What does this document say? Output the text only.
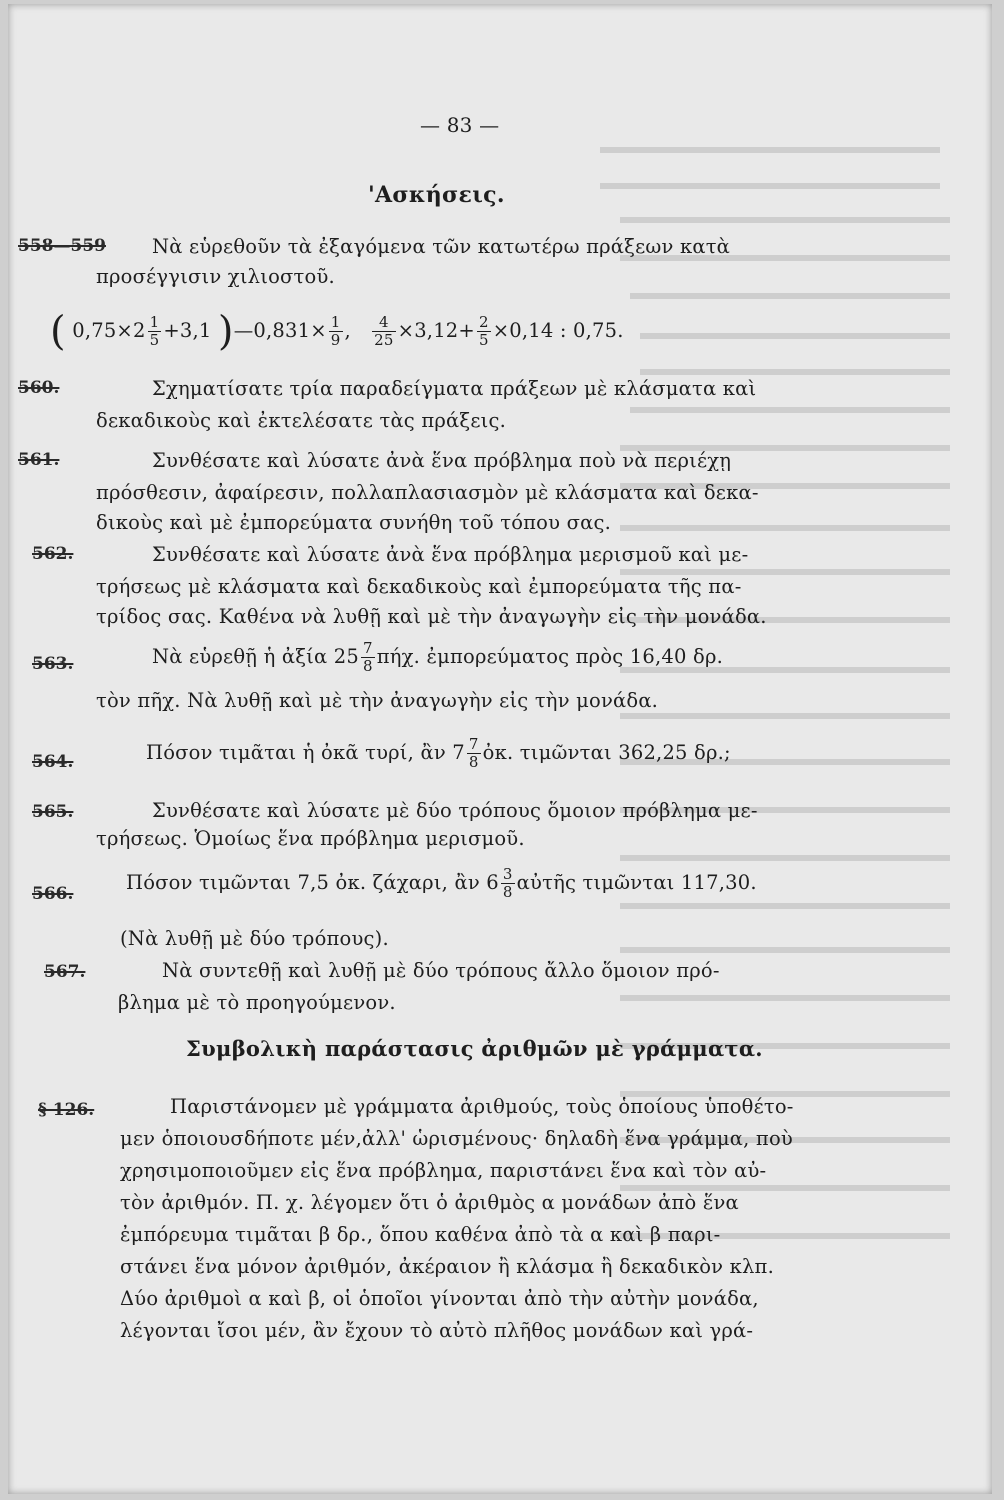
— 83 —
'Ασκήσεις.
558—559 Νὰ εὑρεθοῦν τὰ ἐξαγόμενα τῶν κατωτέρω πράξεων κατὰ
προσέγγισιν χιλιοστοῦ.
( $0,75\times 2 \frac{1}{5} +3,1$ )—0,831× $\frac{1}{9}$ , $\frac{4}{25} \times 3,12+ \frac{2}{5} \times 0,14$ : 0,75.
560.	Σχηματίσατε τρία παραδείγματα πράξεων μὲ κλάσματα καὶ
δεκαδικοὺς καὶ ἐκτελέσατε τὰς πράξεις.
561.	Συνθέσατε καὶ λύσατε ἀνὰ ἕνα πρόβλημα ποὺ νὰ περιέχῃ
πρόσθεσιν, ἀφαίρεσιν, πολλαπλασιασμὸν μὲ κλάσματα καὶ δεκα-
δικοὺς καὶ μὲ ἐμπορεύματα συνήθη τοῦ τόπου σας.
562.	Συνθέσατε καὶ λύσατε ἀνὰ ἕνα πρόβλημα μερισμοῦ καὶ με-
τρήσεως μὲ κλάσματα καὶ δεκαδικοὺς καὶ ἐμπορεύματα τῆς πα-
τρίδος σας. Καθένα νὰ λυθῇ καὶ μὲ τὴν ἀναγωγὴν εἰς τὴν μονάδα.
563.	Νὰ εὑρεθῇ ἡ ἀξία $25 \frac{7}{8} \pi ή\chi$. ἐμπορεύματος πρὸς 16,40 δρ.
τὸν πῆχ. Νὰ λυθῇ καὶ μὲ τὴν ἀναγωγὴν εἰς τὴν μονάδα.
564.	Πόσον τιμᾶται ἡ ὀκᾶ τυρί, ἂν $7 \frac{7}{8}$ ὀκ. τιμῶνται 362,25 δρ.;
565.	Συνθέσατε καὶ λύσατε μὲ δύο τρόπους ὅμοιον πρόβλημα με-
τρήσεως. Ὁμοίως ἕνα πρόβλημα μερισμοῦ.
566.	Πόσον τιμῶνται 7,5 ὀκ. ζάχαρι, ἂν $6 \frac{3}{8}$ αὐτῆς τιμῶνται 117,30.
(Νὰ λυθῇ μὲ δύο τρόπους).
567.	Νὰ συντεθῇ καὶ λυθῇ μὲ δύο τρόπους ἄλλο ὅμοιον πρό-
βλημα μὲ τὸ προηγούμενον.
Συμβολικὴ παράστασις ἀριθμῶν μὲ γράμματα.
§ 126.	Παριστάνομεν μὲ γράμματα ἀριθμούς, τοὺς ὁποίους ὑποθέτο-
μεν ὁποιουσδήποτε μέν,ἀλλ' ὡρισμένους· δηλαδὴ ἕνα γράμμα, ποὺ
χρησιμοποιοῦμεν εἰς ἕνα πρόβλημα, παριστάνει ἕνα καὶ τὸν αὐ-
τὸν ἀριθμόν. Π. χ. λέγομεν ὅτι ὁ ἀριθμὸς α μονάδων ἀπὸ ἕνα
ἐμπόρευμα τιμᾶται β δρ., ὅπου καθένα ἀπὸ τὰ α καὶ β παρι-
στάνει ἕνα μόνον ἀριθμόν, ἀκέραιον ἢ κλάσμα ἢ δεκαδικὸν κλπ.
Δύο ἀριθμοὶ α καὶ β, οἱ ὁποῖοι γίνονται ἀπὸ τὴν αὐτὴν μονάδα,
λέγονται ἴσοι μέν, ἂν ἔχουν τὸ αὐτὸ πλῆθος μονάδων καὶ γρά-
